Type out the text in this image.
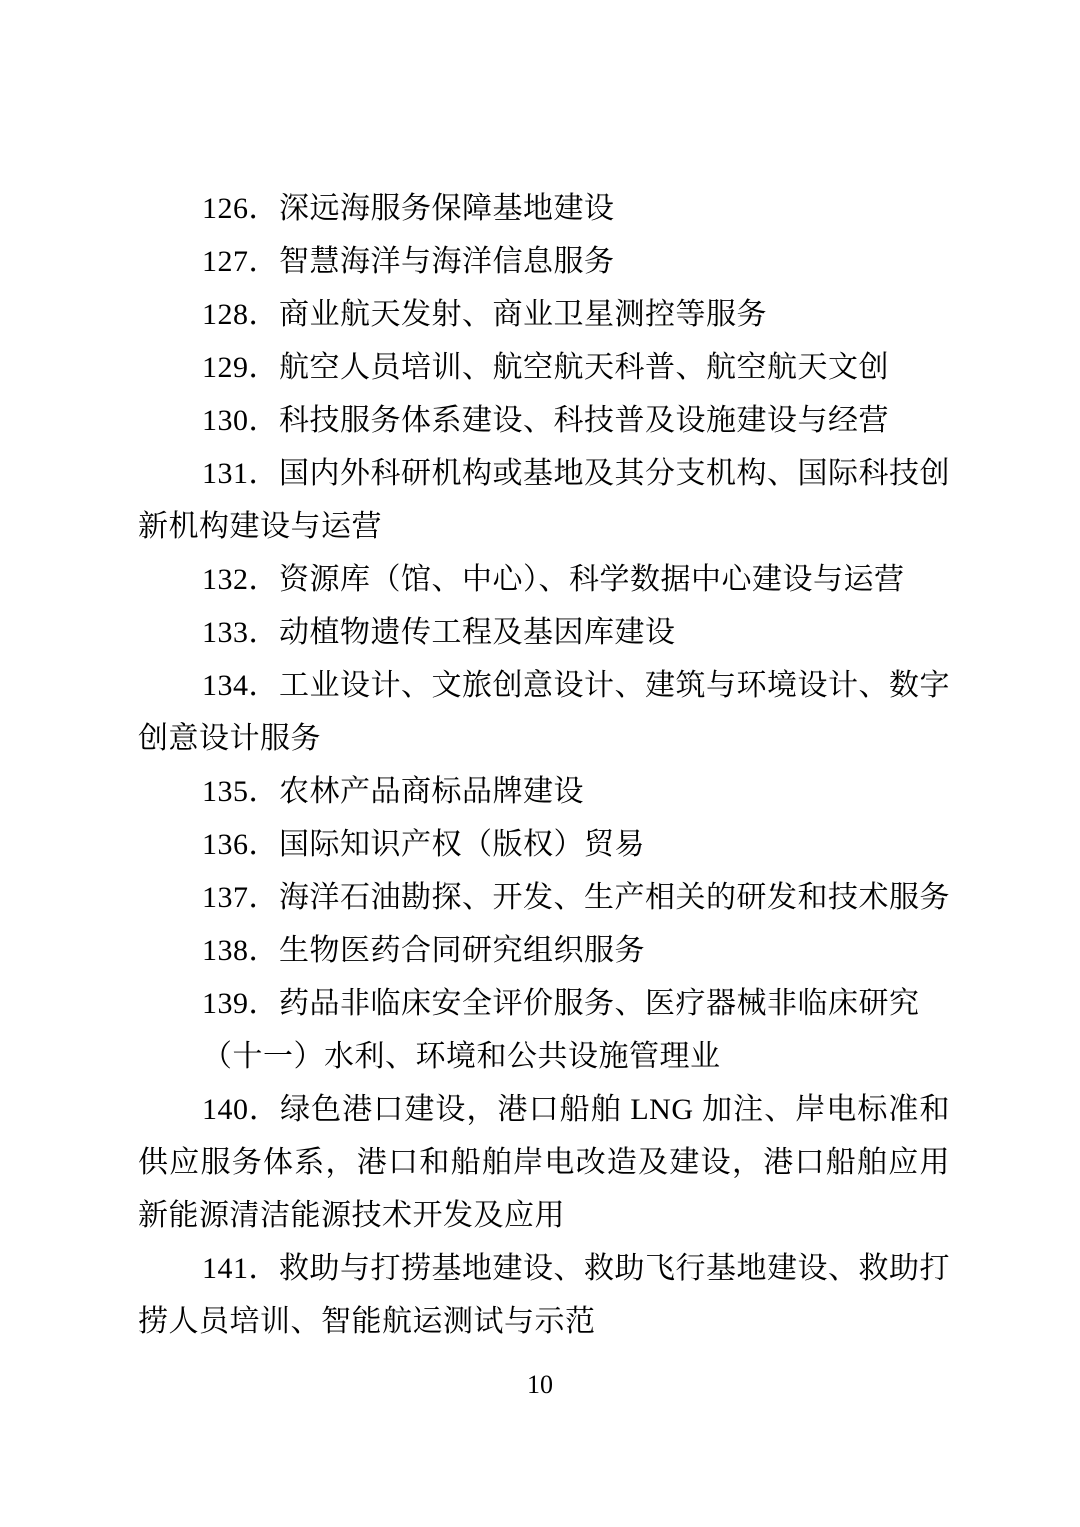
126．深远海服务保障基地建设

127．智慧海洋与海洋信息服务

128．商业航天发射、商业卫星测控等服务

129．航空人员培训、航空航天科普、航空航天文创

130．科技服务体系建设、科技普及设施建设与经营

131．国内外科研机构或基地及其分支机构、国际科技创新机构建设与运营

132．资源库（馆、中心）、科学数据中心建设与运营

133．动植物遗传工程及基因库建设

134．工业设计、文旅创意设计、建筑与环境设计、数字创意设计服务

135．农林产品商标品牌建设

136．国际知识产权（版权）贸易

137．海洋石油勘探、开发、生产相关的研发和技术服务

138．生物医药合同研究组织服务

139．药品非临床安全评价服务、医疗器械非临床研究

（十一）水利、环境和公共设施管理业

140．绿色港口建设，港口船舶 LNG 加注、岸电标准和供应服务体系，港口和船舶岸电改造及建设，港口船舶应用新能源清洁能源技术开发及应用

141．救助与打捞基地建设、救助飞行基地建设、救助打捞人员培训、智能航运测试与示范

10
